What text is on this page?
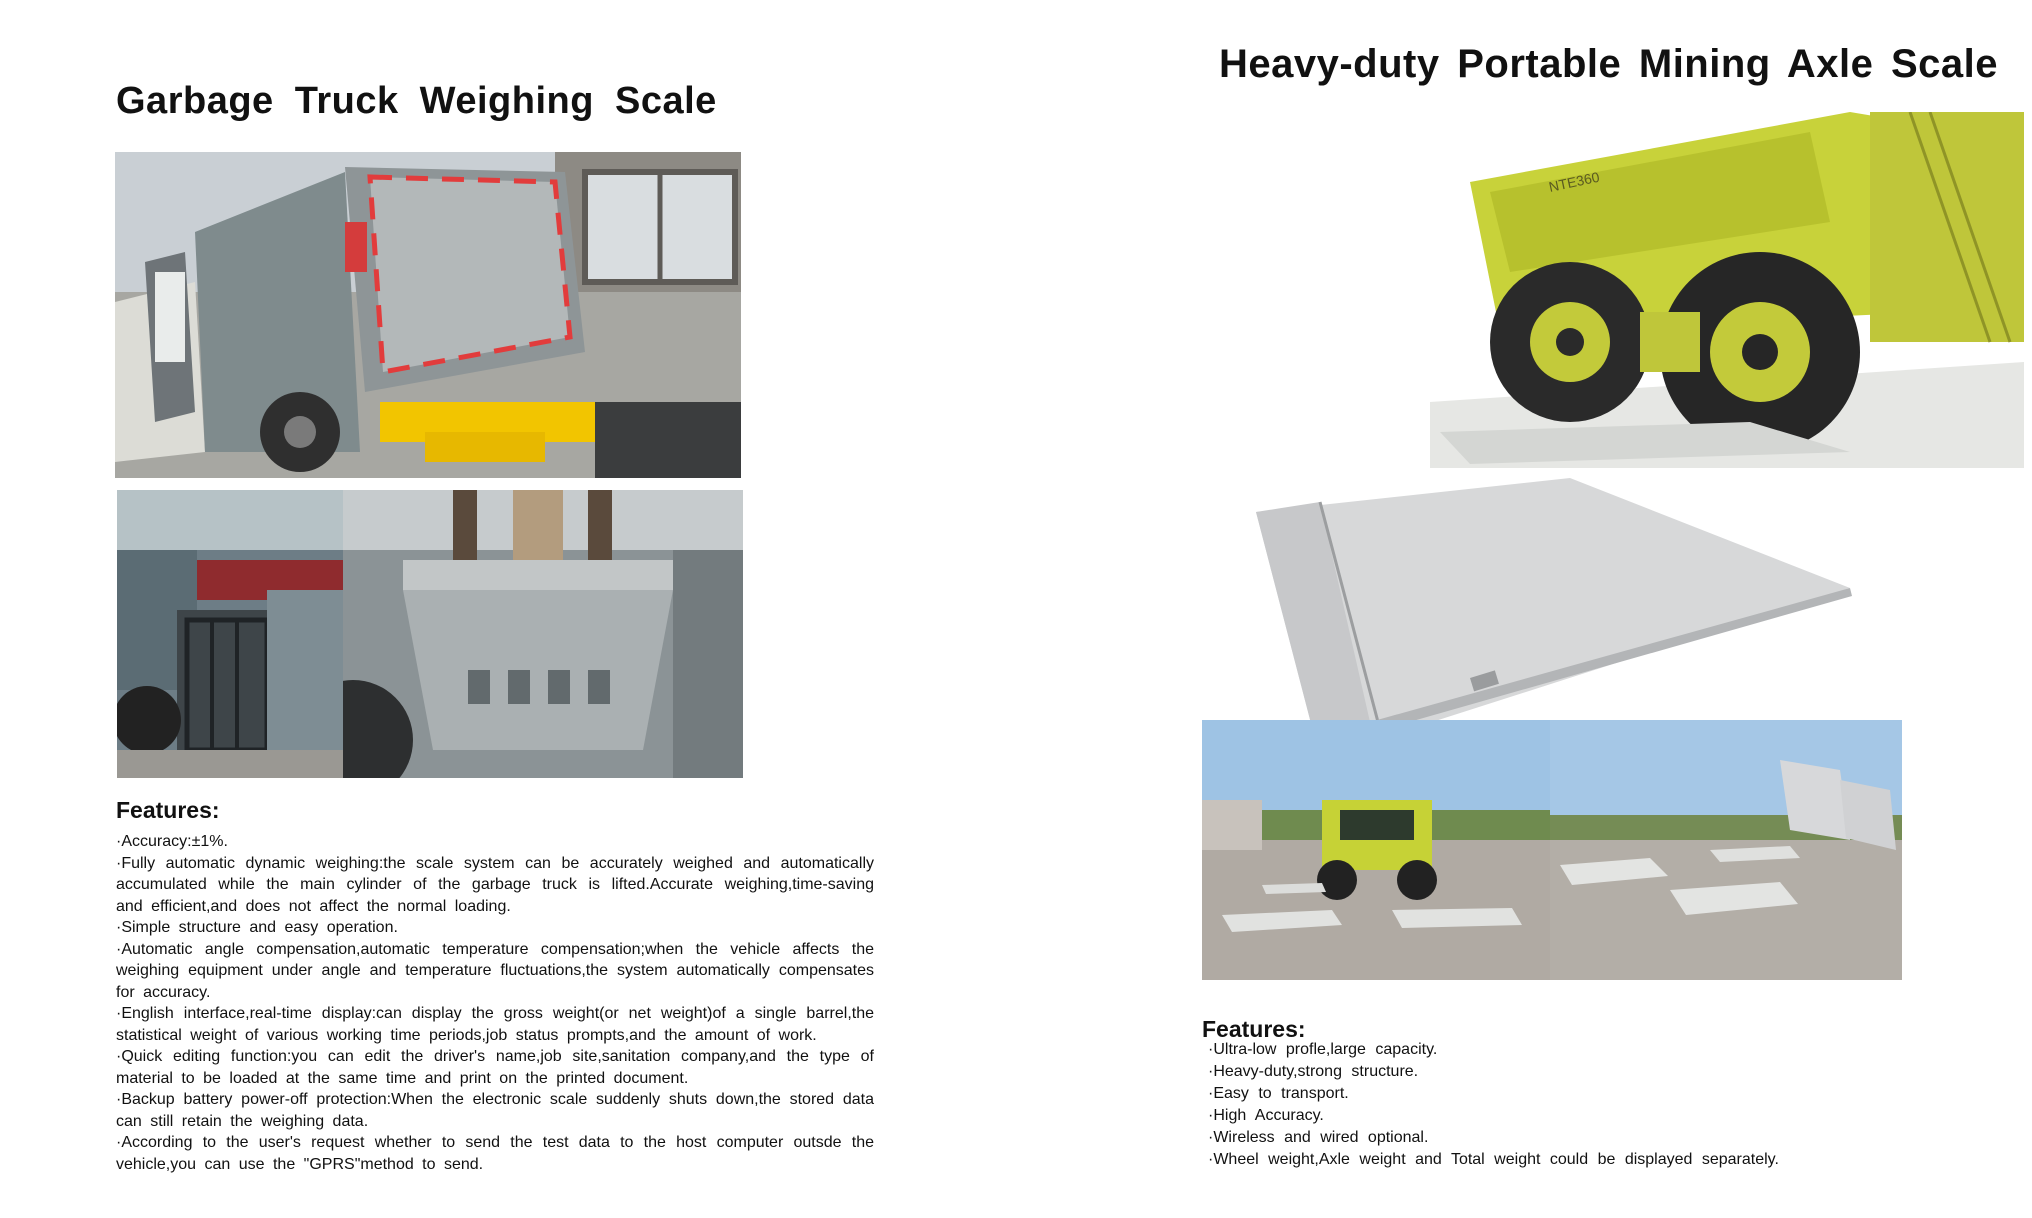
Garbage Truck Weighing Scale
Features:
·Accuracy:±1%.
·Fully automatic dynamic weighing:the scale system can be accurately weighed and automatically accumulated while the main cylinder of the garbage truck is lifted.Accurate weighing,time-saving and efficient,and does not affect the normal loading.
·Simple structure and easy operation.
·Automatic angle compensation,automatic temperature compensation;when the vehicle affects the weighing equipment under angle and temperature fluctuations,the system automatically compensates for accuracy.
·English interface,real-time display:can display the gross weight(or net weight)of a single barrel,the statistical weight of various working time periods,job status prompts,and the amount of work.
·Quick editing function:you can edit the driver's name,job site,sanitation company,and the type of material to be loaded at the same time and print on the printed document.
·Backup battery power-off protection:When the electronic scale suddenly shuts down,the stored data can still retain the weighing data.
·According to the user's request whether to send the test data to the host computer outsde the vehicle,you can use the "GPRS"method to send.
Heavy-duty Portable Mining Axle Scale
NTE360
Features:
·Ultra-low profle,large capacity.
·Heavy-duty,strong structure.
·Easy to transport.
·High Accuracy.
·Wireless and wired optional.
·Wheel weight,Axle weight and Total weight could be displayed separately.
